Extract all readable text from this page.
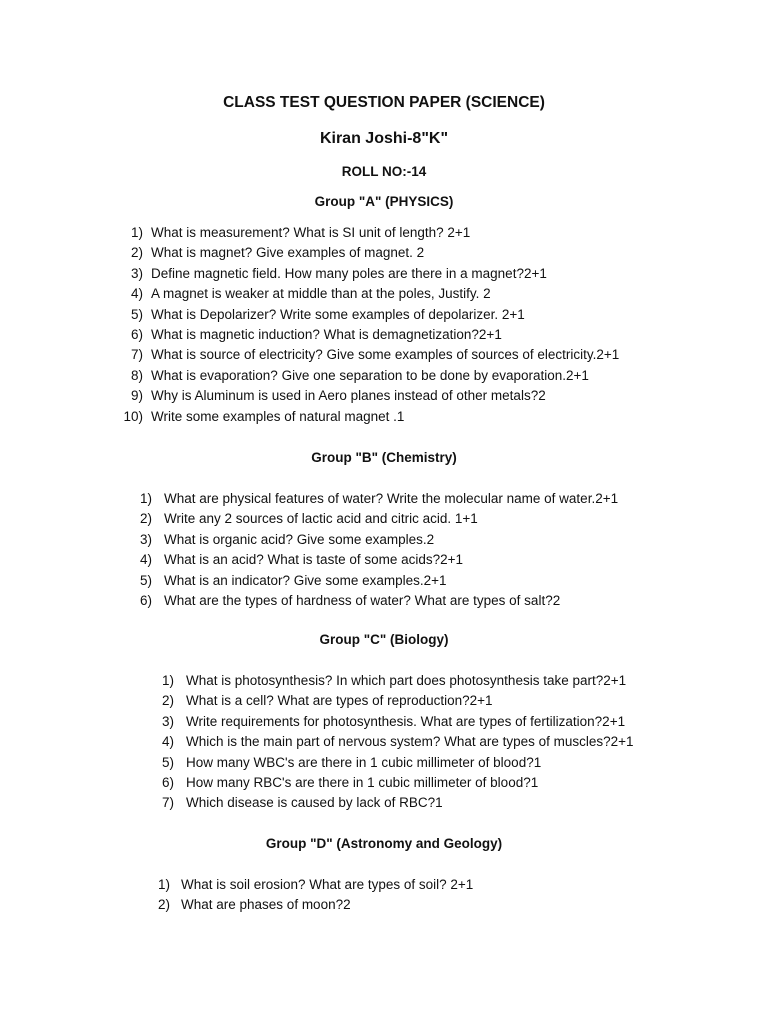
CLASS TEST QUESTION PAPER (SCIENCE)
Kiran Joshi-8"K"
ROLL NO:-14
Group "A" (PHYSICS)
1) What is measurement? What is SI unit of length? 2+1
2) What is magnet? Give examples of magnet. 2
3) Define magnetic field. How many poles are there in a magnet?2+1
4) A magnet is weaker at middle than at the poles, Justify. 2
5) What is Depolarizer? Write some examples of depolarizer. 2+1
6) What is magnetic induction? What is demagnetization?2+1
7) What is source of electricity? Give some examples of sources of electricity.2+1
8) What is evaporation? Give one separation to be done by evaporation.2+1
9) Why is Aluminum is used in Aero planes instead of other metals?2
10) Write some examples of natural magnet .1
Group "B" (Chemistry)
1) What are physical features of water? Write the molecular name of water.2+1
2) Write any 2 sources of lactic acid and citric acid. 1+1
3) What is organic acid? Give some examples.2
4) What is an acid? What is taste of some acids?2+1
5) What is an indicator? Give some examples.2+1
6) What are the types of hardness of water? What are types of salt?2
Group "C" (Biology)
1) What is photosynthesis? In which part does photosynthesis take part?2+1
2) What is a cell? What are types of reproduction?2+1
3) Write requirements for photosynthesis. What are types of fertilization?2+1
4) Which is the main part of nervous system? What are types of muscles?2+1
5) How many WBC's are there in 1 cubic millimeter of blood?1
6) How many RBC's are there in 1 cubic millimeter of blood?1
7) Which disease is caused by lack of RBC?1
Group "D" (Astronomy and Geology)
1) What is soil erosion? What are types of soil? 2+1
2) What are phases of moon?2
